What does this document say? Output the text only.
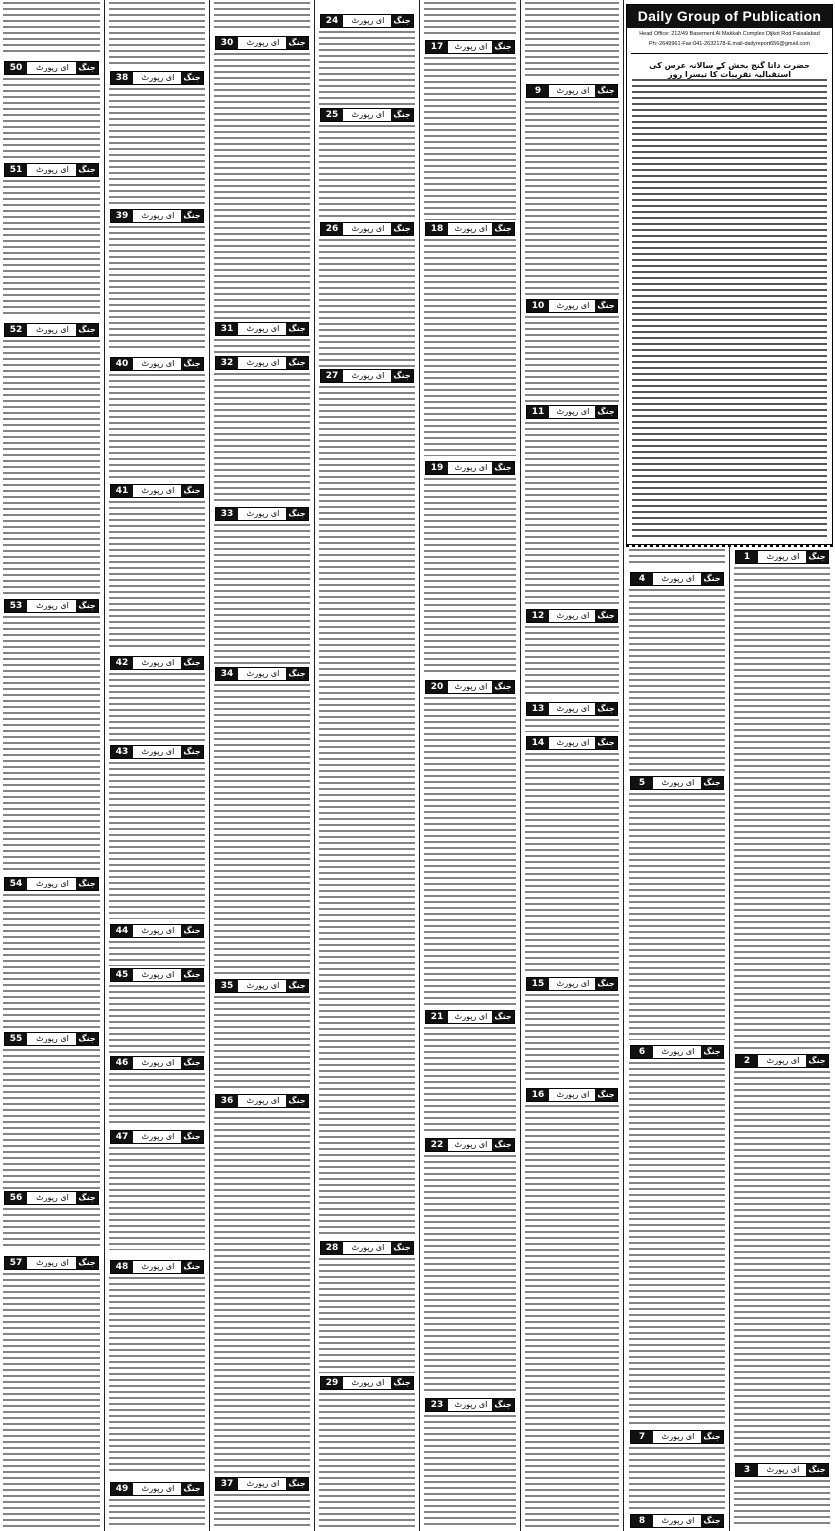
50	ای رپورٹ	جنگ
51	ای رپورٹ	جنگ
52	ای رپورٹ	جنگ
53	ای رپورٹ	جنگ
54	ای رپورٹ	جنگ
55	ای رپورٹ	جنگ
56	ای رپورٹ	جنگ
57	ای رپورٹ	جنگ
38	ای رپورٹ	جنگ
39	ای رپورٹ	جنگ
40	ای رپورٹ	جنگ
41	ای رپورٹ	جنگ
42	ای رپورٹ	جنگ
43	ای رپورٹ	جنگ
44	ای رپورٹ	جنگ
45	ای رپورٹ	جنگ
46	ای رپورٹ	جنگ
47	ای رپورٹ	جنگ
48	ای رپورٹ	جنگ
49	ای رپورٹ	جنگ
30	ای رپورٹ	جنگ
31	ای رپورٹ	جنگ
32	ای رپورٹ	جنگ
33	ای رپورٹ	جنگ
34	ای رپورٹ	جنگ
35	ای رپورٹ	جنگ
36	ای رپورٹ	جنگ
37	ای رپورٹ	جنگ
24	ای رپورٹ	جنگ
25	ای رپورٹ	جنگ
26	ای رپورٹ	جنگ
27	ای رپورٹ	جنگ
28	ای رپورٹ	جنگ
29	ای رپورٹ	جنگ
17	ای رپورٹ جنگ
18	ای رپورٹ جنگ
19	ای رپورٹ جنگ
20	ای رپورٹ جنگ
21	ای رپورٹ جنگ
22	ای رپورٹ جنگ
23	ای رپورٹ جنگ
9	ای رپورٹ	جنگ
10	ای رپورٹ	جنگ
11	ای رپورٹ	جنگ
12	ای رپورٹ	جنگ
13	ای رپورٹ	جنگ
14	ای رپورٹ	جنگ
15	ای رپورٹ	جنگ
16	ای رپورٹ	جنگ
Daily Group of Publication
Head Office: 212/49 Basement Al Makkah Complex Dijkot Rod Faisalabad
Ph:-2649961-Fax:041-2632178-E.mail-dailyreport656@gmail.com
حضرت داتا گنج بخش کے سالانہ عرس کی استقبالیہ تقریبات کا تیسرا روز
4	ای رپورٹ	جنگ
5	ای رپورٹ	جنگ
6	ای رپورٹ	جنگ
7	ای رپورٹ	جنگ
8	ای رپورٹ	جنگ
1	ای رپورٹ	جنگ
2	ای رپورٹ	جنگ
3	ای رپورٹ	جنگ
